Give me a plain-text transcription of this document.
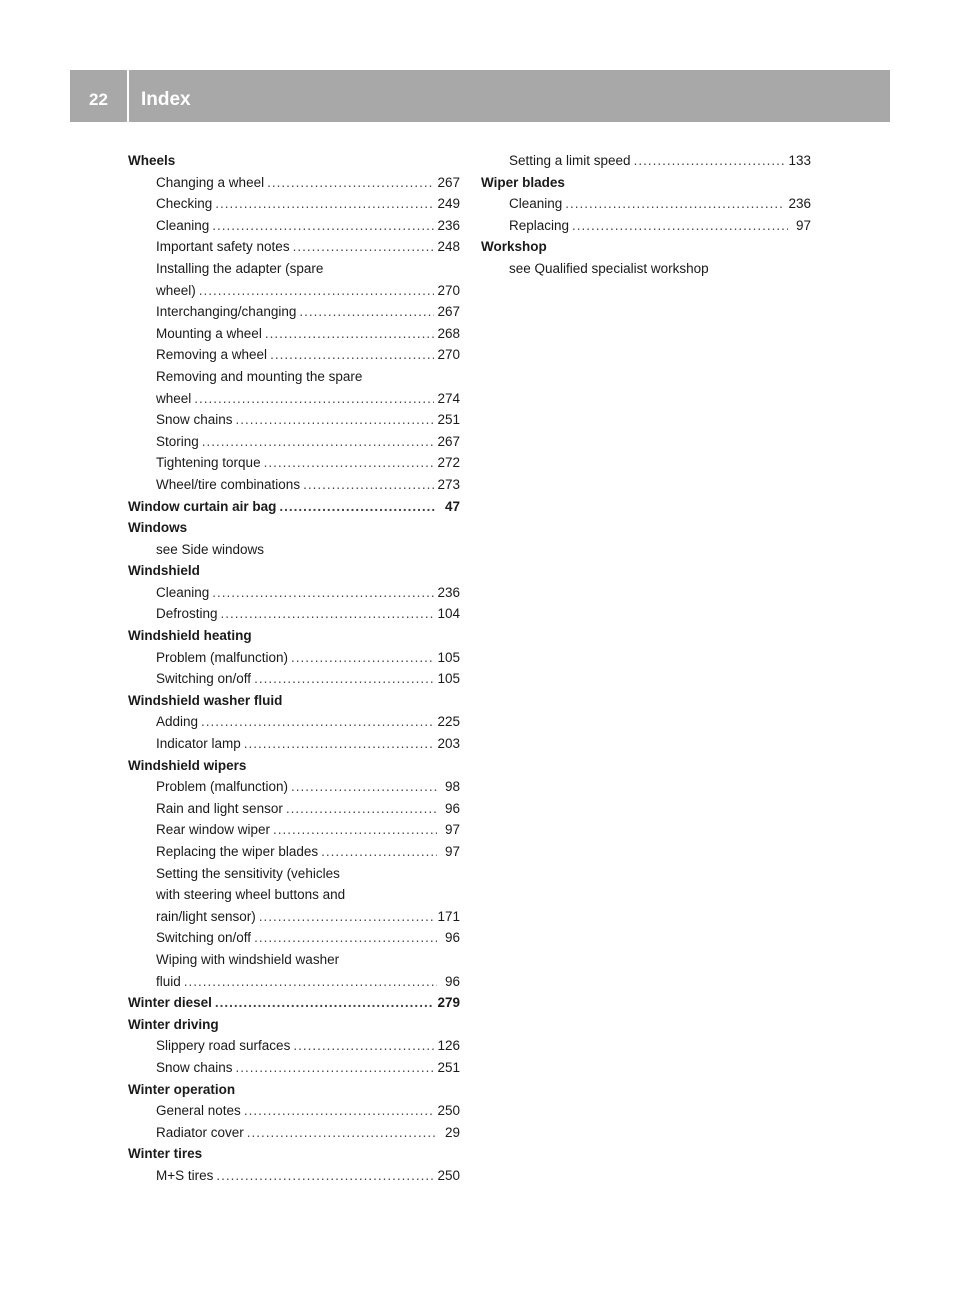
22	Index
Wheels
Changing a wheel .....	267
Checking .....	249
Cleaning .....	236
Important safety notes .....	248
Installing the adapter (spare
wheel) .....	270
Interchanging/changing .....	267
Mounting a wheel .....	268
Removing a wheel .....	270
Removing and mounting the spare
wheel .....	274
Snow chains .....	251
Storing .....	267
Tightening torque .....	272
Wheel/tire combinations .....	273
Window curtain air bag .....	47
Windows
see Side windows
Windshield
Cleaning .....	236
Defrosting .....	104
Windshield heating
Problem (malfunction) .....	105
Switching on/off .....	105
Windshield washer fluid
Adding .....	225
Indicator lamp .....	203
Windshield wipers
Problem (malfunction) .....	98
Rain and light sensor .....	96
Rear window wiper .....	97
Replacing the wiper blades .....	97
Setting the sensitivity (vehicles
with steering wheel buttons and
rain/light sensor) .....	171
Switching on/off .....	96
Wiping with windshield washer
fluid .....	96
Winter diesel .....	279
Winter driving
Slippery road surfaces .....	126
Snow chains .....	251
Winter operation
General notes .....	250
Radiator cover .....	29
Winter tires
M+S tires .....	250
Setting a limit speed .....	133
Wiper blades
Cleaning .....	236
Replacing .....	97
Workshop
see Qualified specialist workshop
